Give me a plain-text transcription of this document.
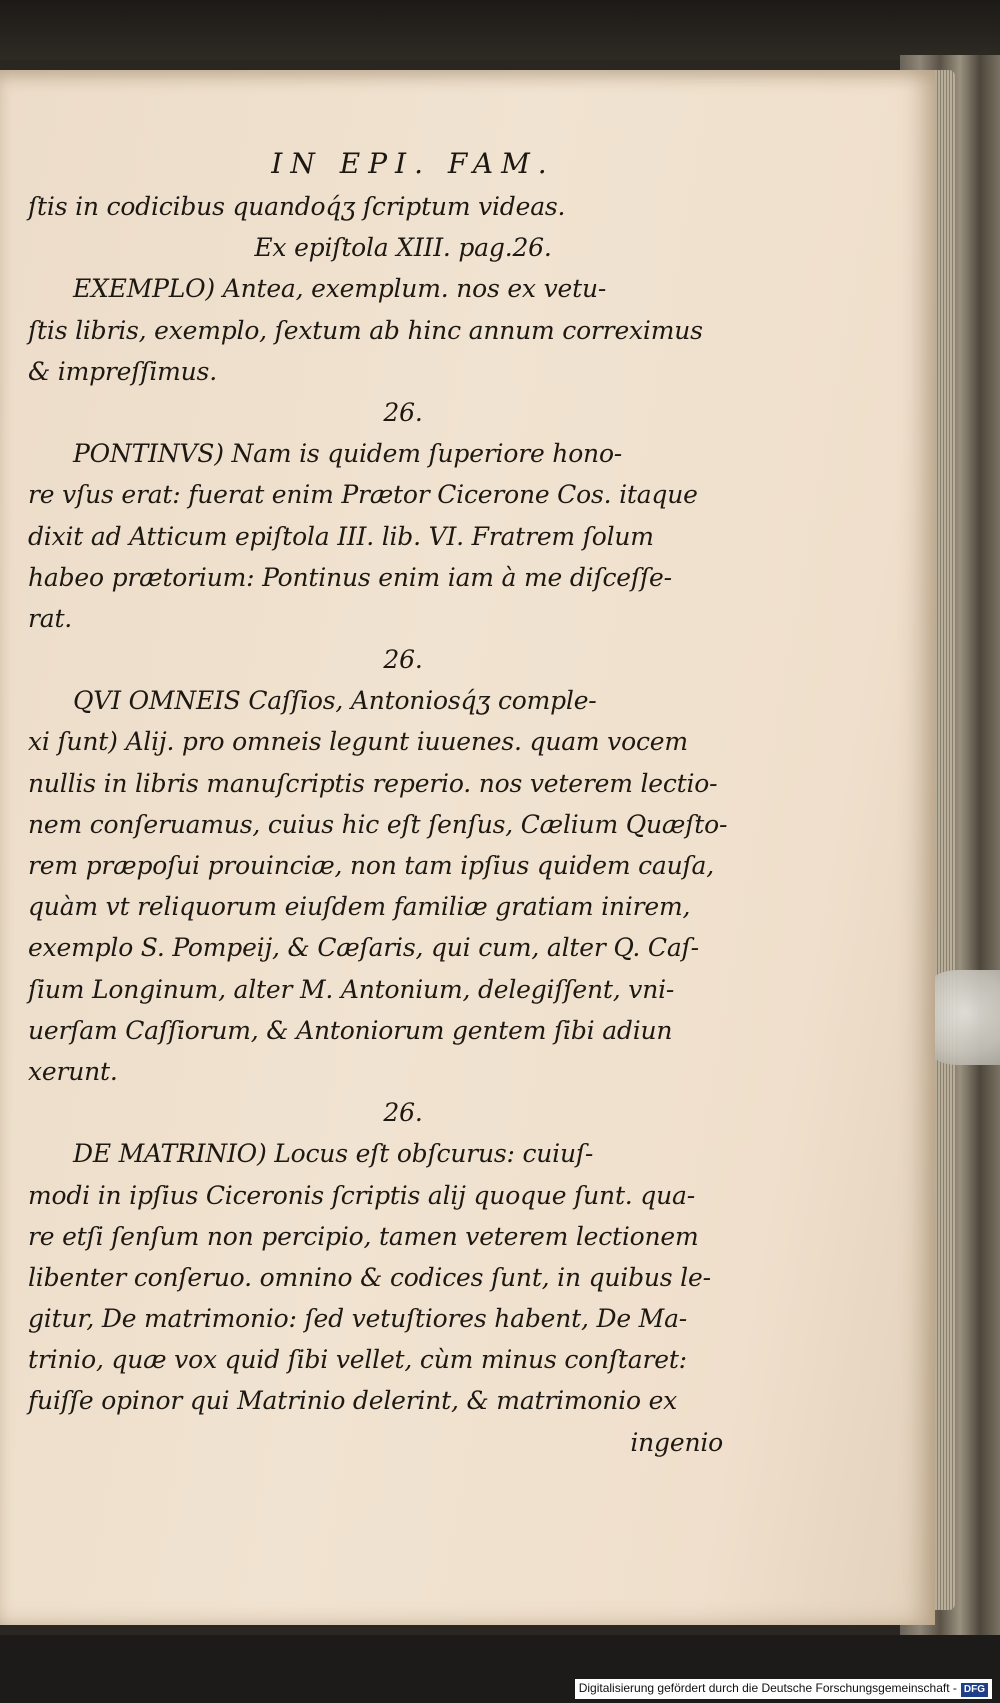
IN EPI. FAM.
ſtis in codicibus quandoq́ʒ ſcriptum videas.
Ex epiſtola XIII. pag.26.
EXEMPLO) Antea, exemplum. nos ex vetu-
ſtis libris, exemplo, ſextum ab hinc annum correximus
& impreſſimus.
26.
PONTINVS) Nam is quidem ſuperiore hono-
re vſus erat: fuerat enim Prætor Cicerone Cos. itaque
dixit ad Atticum epiſtola III. lib. VI. Fratrem ſolum
habeo prætorium: Pontinus enim iam à me diſceſſe-
rat.
26.
QVI OMNEIS Caſſios, Antoniosq́ʒ comple-
xi ſunt) Alij. pro omneis legunt iuuenes. quam vocem
nullis in libris manuſcriptis reperio. nos veterem lectio-
nem conſeruamus, cuius hic eſt ſenſus, Cælium Quæſto-
rem præpoſui prouinciæ, non tam ipſius quidem cauſa,
quàm vt reliquorum eiuſdem familiæ gratiam inirem,
exemplo S. Pompeij, & Cæſaris, qui cum, alter Q. Caſ-
ſium Longinum, alter M. Antonium, delegiſſent, vni-
uerſam Caſſiorum, & Antoniorum gentem ſibi adiun
xerunt.
26.
DE MATRINIO) Locus eſt obſcurus: cuiuſ-
modi in ipſius Ciceronis ſcriptis alij quoque ſunt. qua-
re etſi ſenſum non percipio, tamen veterem lectionem
libenter conſeruo. omnino & codices ſunt, in quibus le-
gitur, De matrimonio: ſed vetuſtiores habent, De Ma-
trinio, quæ vox quid ſibi vellet, cùm minus conſtaret:
fuiſſe opinor qui Matrinio delerint, & matrimonio ex
ingenio
Digitalisierung gefördert durch die Deutsche Forschungsgemeinschaft - DFG
